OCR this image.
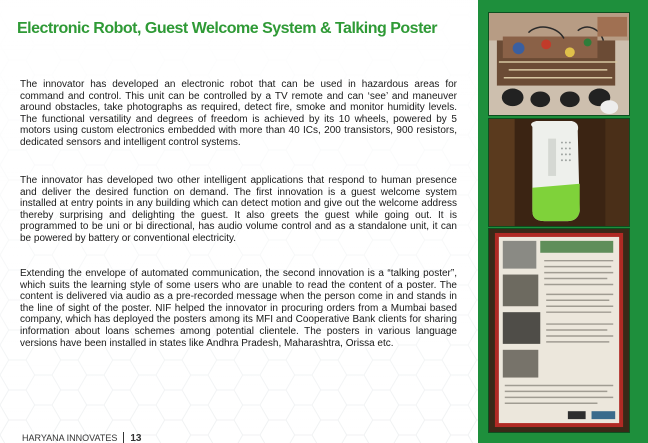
Electronic Robot, Guest Welcome System & Talking Poster

The innovator has developed an electronic robot that can be used in hazardous areas for command and control. This unit can be controlled by a TV remote and can ‘see’ and maneuver around obstacles, take photographs as required, detect fire, smoke and monitor humidity levels. The functional versatility and degrees of freedom is achieved by its 10 wheels, powered by 5 motors using custom electronics embedded with more than 40 ICs, 200 transistors, 900 resistors, dedicated sensors and intelligent control systems.

The innovator has developed two other intelligent applications that respond to human presence and deliver the desired function on demand. The first innovation is a guest welcome system installed at entry points in any building which can detect motion and give out the welcome address thereby surprising and delighting the guest. It also greets the guest while going out. It is programmed to be uni or bi directional, has audio volume control and as a standalone unit, it can be powered by battery or conventional electricity.

Extending the envelope of automated communication, the second innovation is a “talking poster”, which suits the learning style of some users who are unable to read the content of a poster. The content is delivered via audio as a pre-recorded message when the person come in and stands in the line of sight of the poster. NIF helped the innovator in procuring orders from a Mumbai based company, which has deployed the posters among its MFI and Cooperative Bank clients for sharing information about loans schemes among potential clientele. The posters in various language versions have been installed in states like Andhra Pradesh, Maharashtra, Orissa etc.

HARYANA INNOVATES 13
